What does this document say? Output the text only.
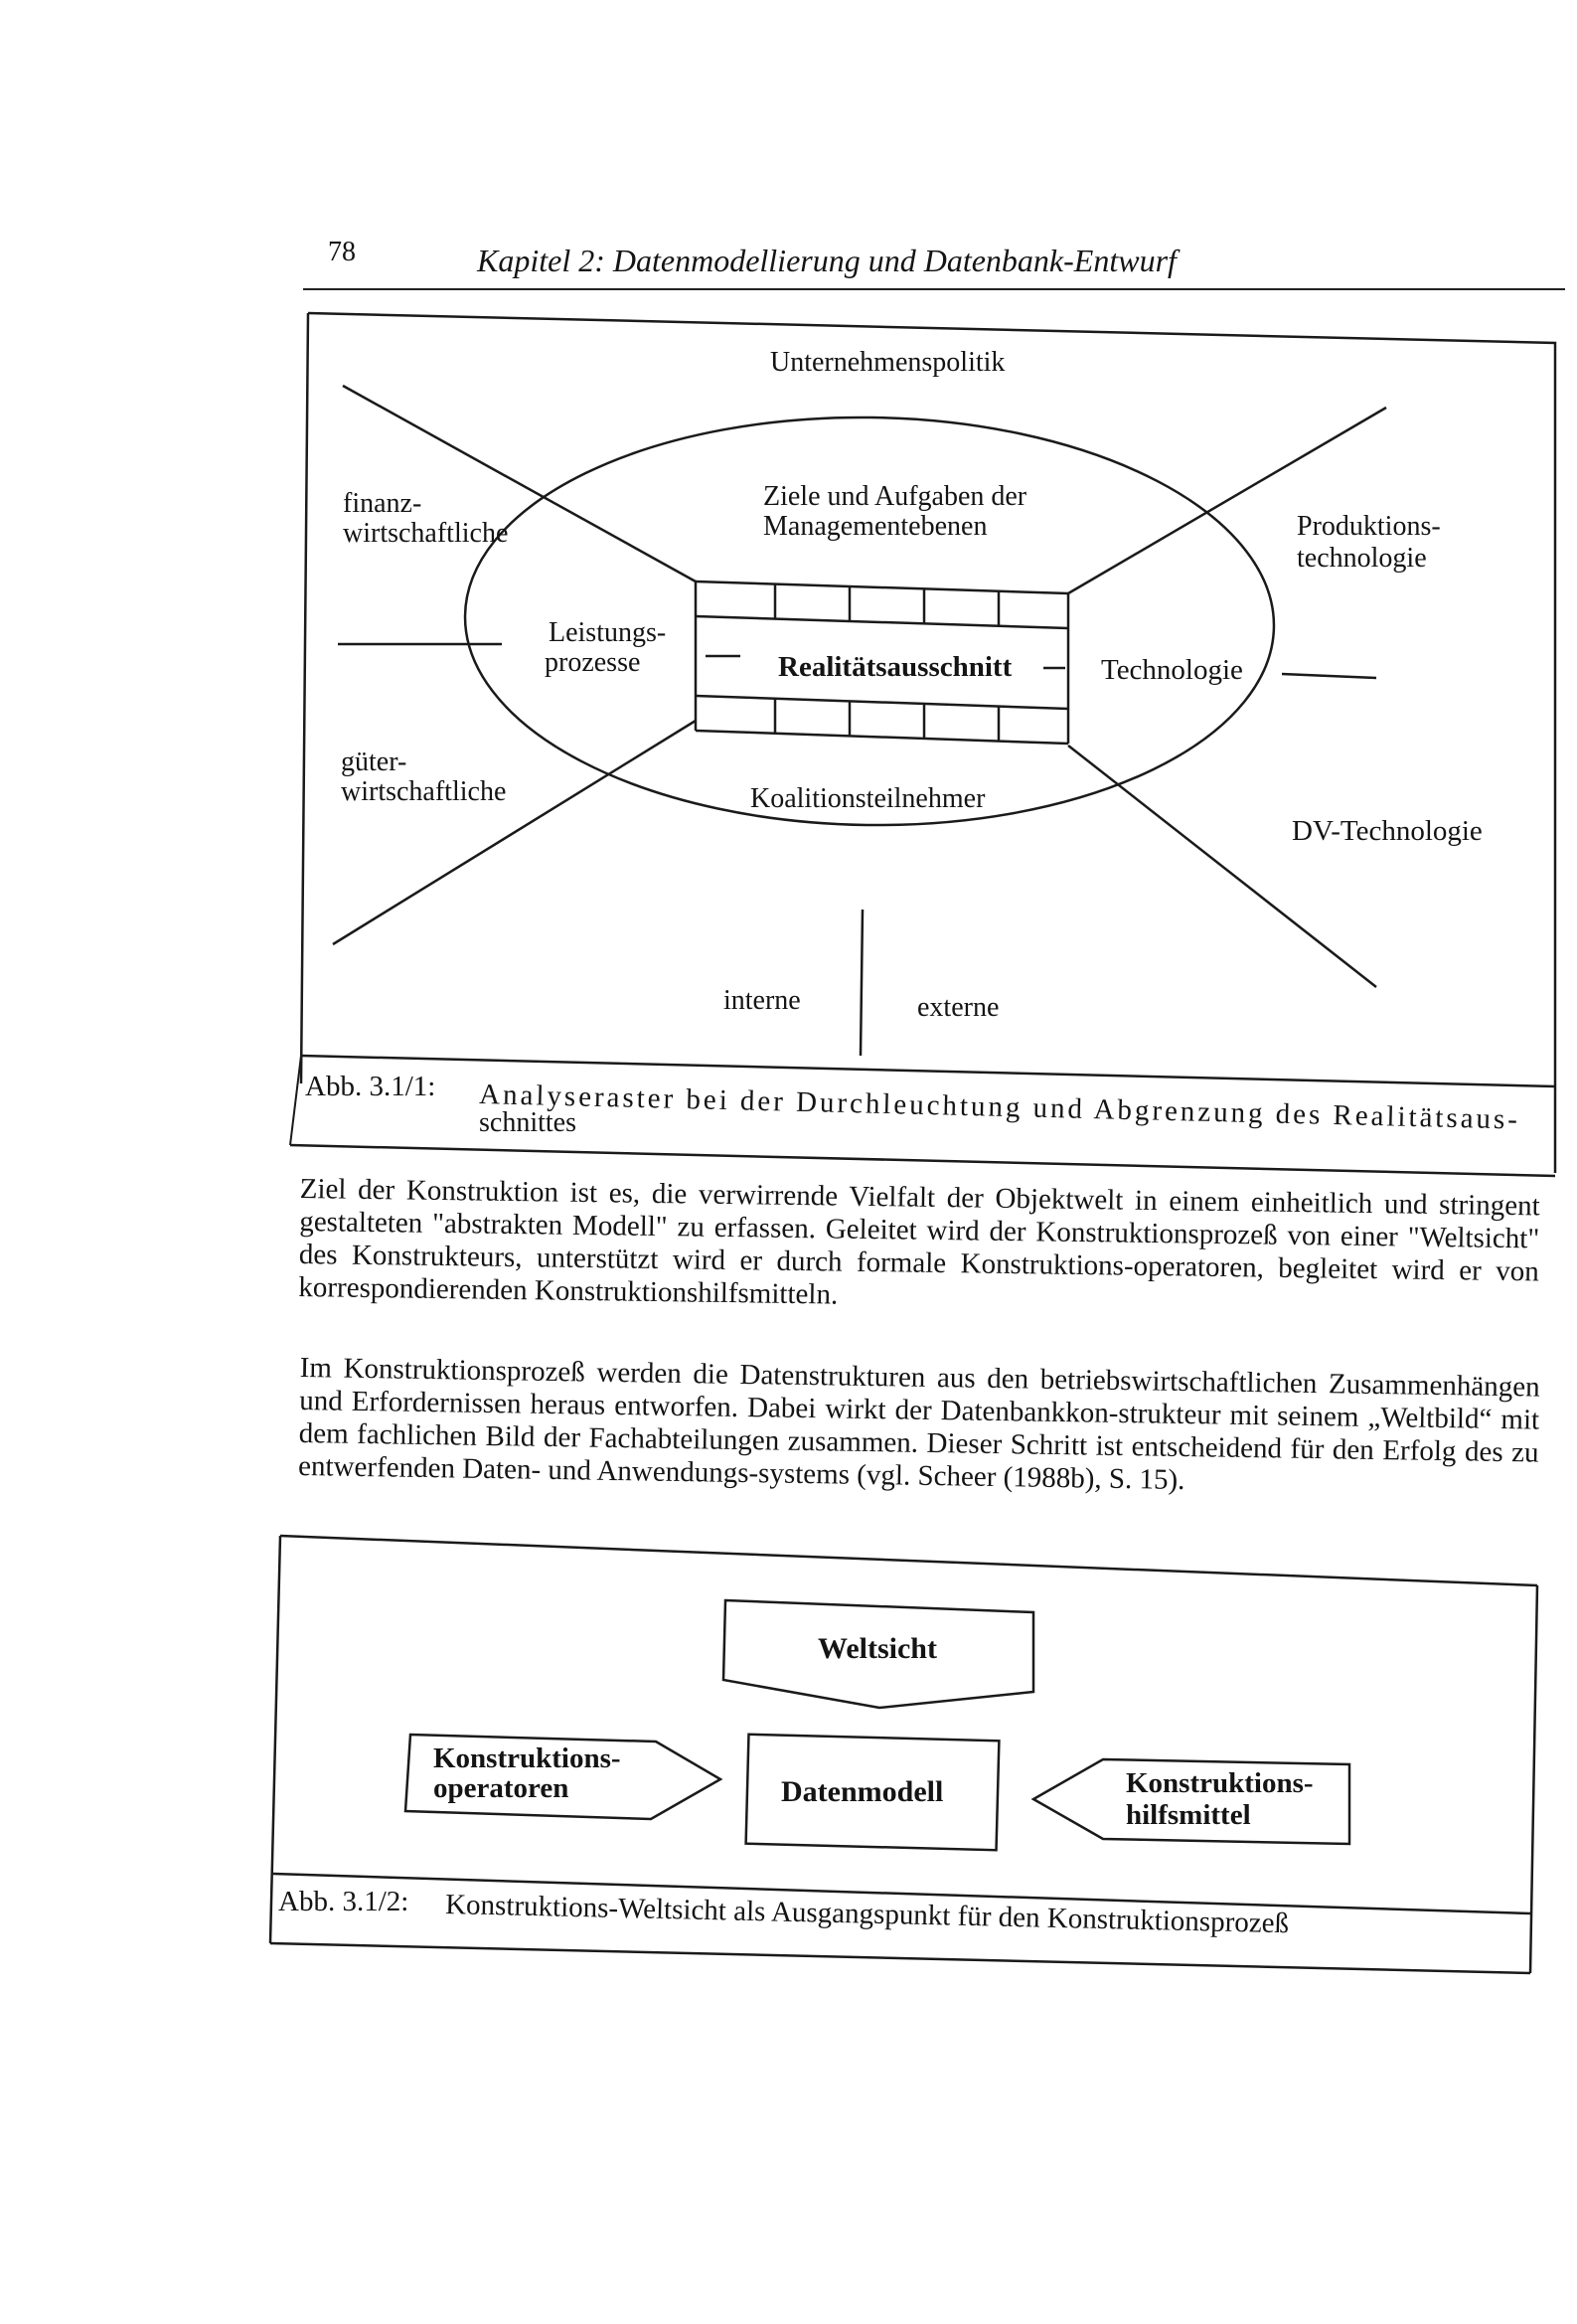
78	Kapitel 2: Datenmodellierung und Datenbank-Entwurf
Unternehmenspolitik
Ziele und Aufgaben der
Managementebenen
Leistungs-
prozesse	Realitätsausschnitt	Technologie
Koalitionsteilnehmer
finanz-
wirtschaftliche
güter-
wirtschaftliche
Produktions-
technologie
DV-Technologie
interne	externe
Abb. 3.1/1: Analyseraster bei der Durchleuchtung und Abgrenzung des Realitätsaus-
schnittes
Weltsicht
Datenmodell
Konstruktions-
operatoren	Konstruktions-
hilfsmittel
Abb. 3.1/2: Konstruktions-Weltsicht als Ausgangspunkt für den Konstruktionsprozeß

Ziel der Konstruktion ist es, die verwirrende Vielfalt der Objektwelt in einem einheitlich und stringent gestalteten "abstrakten Modell" zu erfassen. Geleitet wird der Konstruktionsprozeß von einer "Weltsicht" des Konstrukteurs, unterstützt wird er durch formale Konstruktions-operatoren, begleitet wird er von korrespondierenden Konstruktionshilfsmitteln.

Im Konstruktionsprozeß werden die Datenstrukturen aus den betriebswirtschaftlichen Zusammenhängen und Erfordernissen heraus entworfen. Dabei wirkt der Datenbankkon-strukteur mit seinem „Weltbild“ mit dem fachlichen Bild der Fachabteilungen zusammen. Dieser Schritt ist entscheidend für den Erfolg des zu entwerfenden Daten- und Anwendungs-systems (vgl. Scheer (1988b), S. 15).
